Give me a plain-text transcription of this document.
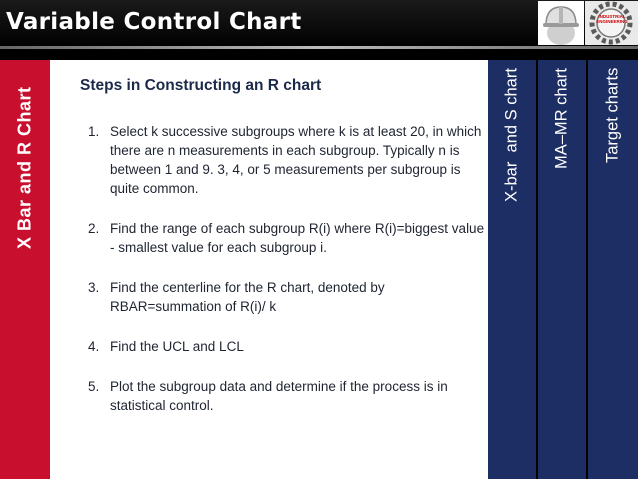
Variable Control Chart	INDUSTRIAL ENGINEERING
X Bar and R Chart
Steps in Constructing an R chart
1. Select k successive subgroups where k is at least 20, in which there are n measurements in each subgroup. Typically n is between 1 and 9. 3, 4, or 5 measurements per subgroup is quite common.
2. Find the range of each subgroup R(i) where R(i)=biggest value - smallest value for each subgroup i.
3. Find the centerline for the R chart, denoted by RBAR=summation of R(i)/ k
4. Find the UCL and LCL
5. Plot the subgroup data and determine if the process is in statistical control.
X-bar  and S chart	MA–MR chart	Target charts
